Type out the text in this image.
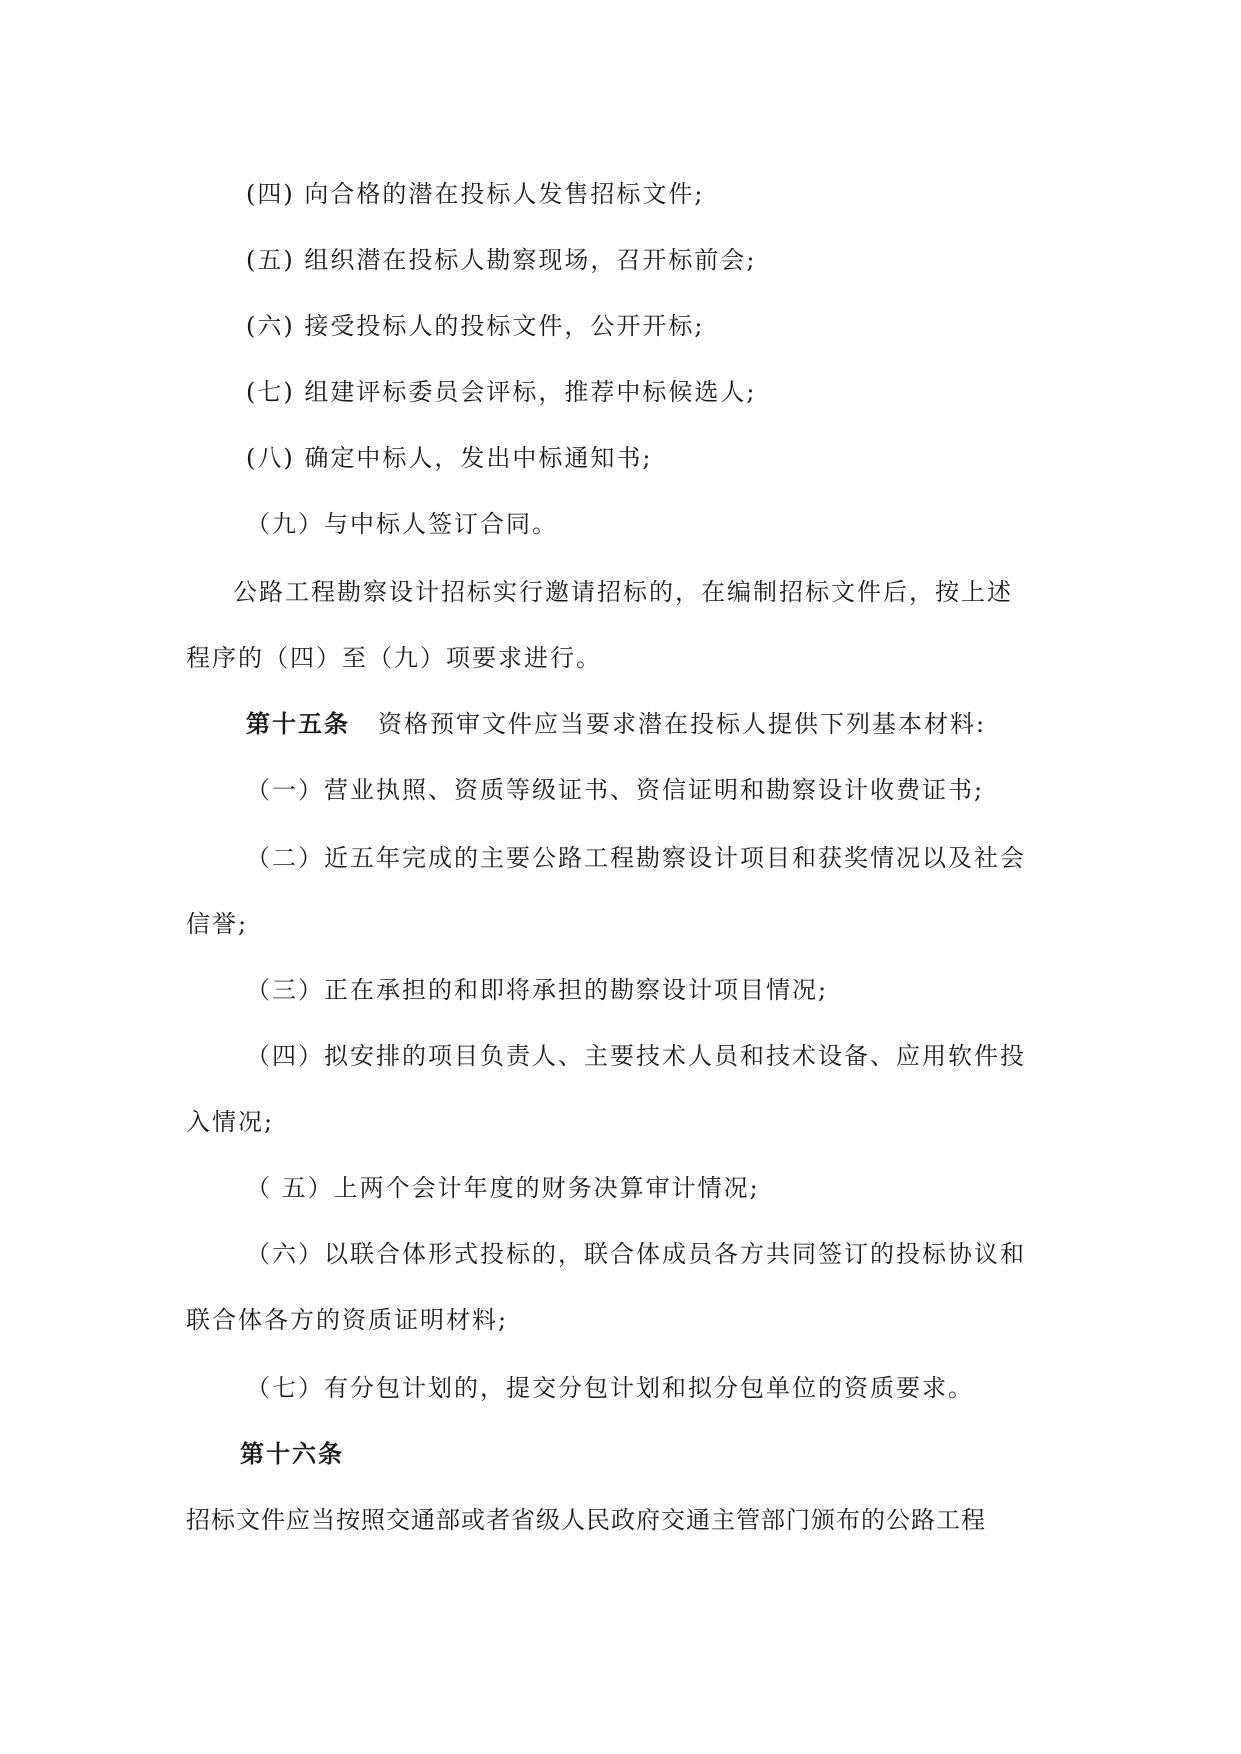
(四) 向合格的潜在投标人发售招标文件;

(五) 组织潜在投标人勘察现场，召开标前会;

(六) 接受投标人的投标文件，公开开标;

(七) 组建评标委员会评标，推荐中标候选人;

(八) 确定中标人，发出中标通知书;

（九）与中标人签订合同。

公路工程勘察设计招标实行邀请招标的，在编制招标文件后，按上述

程序的（四）至（九）项要求进行。

第十五条 资格预审文件应当要求潜在投标人提供下列基本材料:

（一）营业执照、资质等级证书、资信证明和勘察设计收费证书;

（二）近五年完成的主要公路工程勘察设计项目和获奖情况以及社会

信誉;

（三）正在承担的和即将承担的勘察设计项目情况;

（四）拟安排的项目负责人、主要技术人员和技术设备、应用软件投

入情况;

（ 五）上两个会计年度的财务决算审计情况;

（六）以联合体形式投标的，联合体成员各方共同签订的投标协议和

联合体各方的资质证明材料;

（七）有分包计划的，提交分包计划和拟分包单位的资质要求。

第十六条

招标文件应当按照交通部或者省级人民政府交通主管部门颁布的公路工程
